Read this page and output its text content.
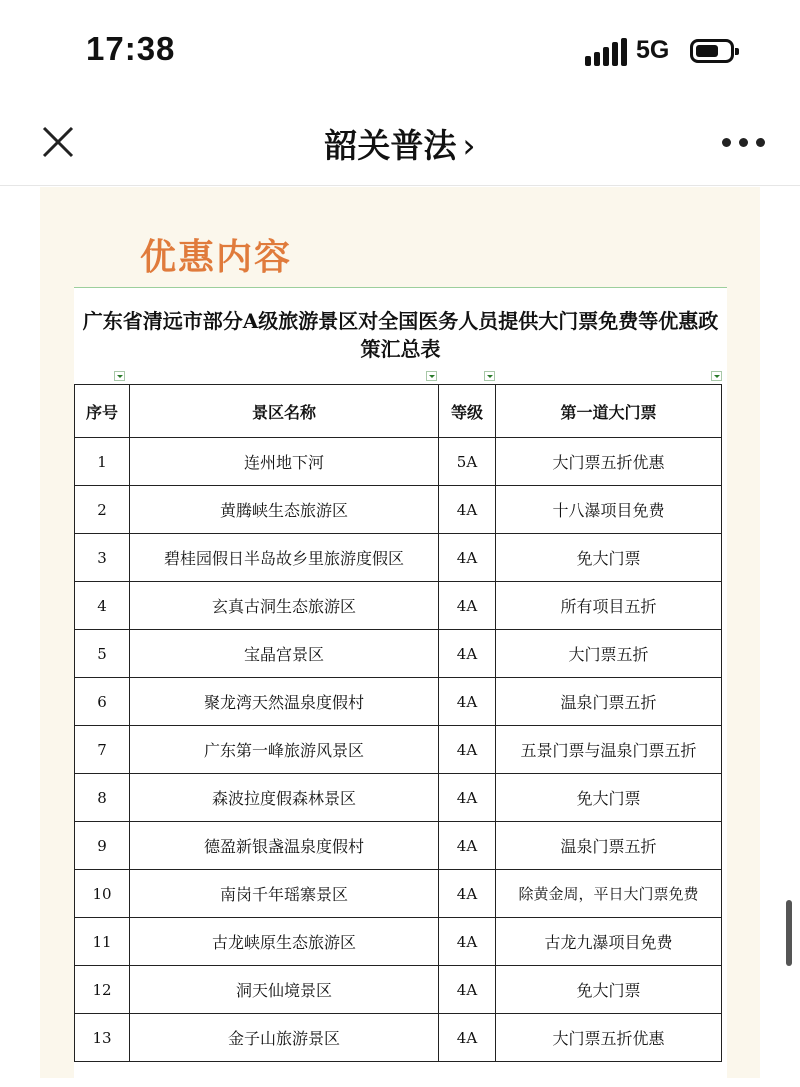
17:38	5G
韶关普法 ›
优惠内容
广东省清远市部分A级旅游景区对全国医务人员提供大门票免费等优惠政策汇总表
序号	景区名称	等级	第一道大门票
1	连州地下河	5A	大门票五折优惠
2	黄腾峡生态旅游区	4A	十八瀑项目免费
3	碧桂园假日半岛故乡里旅游度假区	4A	免大门票
4	玄真古洞生态旅游区	4A	所有项目五折
5	宝晶宫景区	4A	大门票五折
6	聚龙湾天然温泉度假村	4A	温泉门票五折
7	广东第一峰旅游风景区	4A	五景门票与温泉门票五折
8	森波拉度假森林景区	4A	免大门票
9	德盈新银盏温泉度假村	4A	温泉门票五折
10	南岗千年瑶寨景区	4A	除黄金周，平日大门票免费
11	古龙峡原生态旅游区	4A	古龙九瀑项目免费
12	洞天仙境景区	4A	免大门票
13	金子山旅游景区	4A	大门票五折优惠
